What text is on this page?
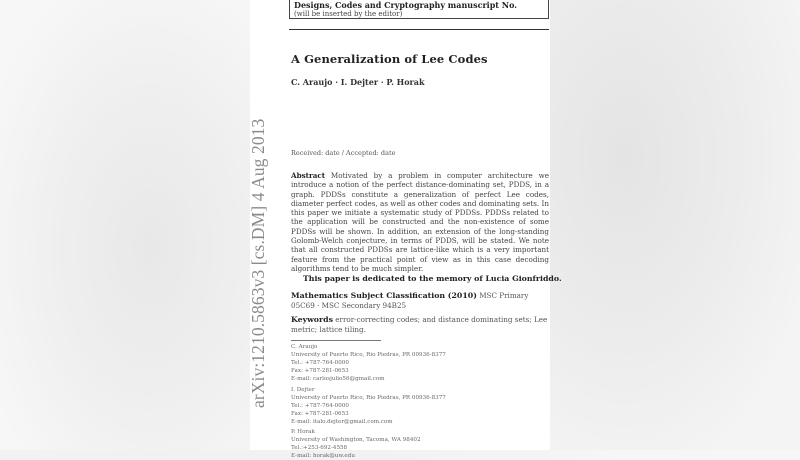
arXiv:1210.5863v3 [cs.DM] 4 Aug 2013
Designs, Codes and Cryptography manuscript No.
(will be inserted by the editor)
A Generalization of Lee Codes
C. Araujo · I. Dejter · P. Horak
Received: date / Accepted: date
Abstract Motivated by a problem in computer architecture we introduce a notion of the perfect distance-dominating set, PDDS, in a graph. PDDSs constitute a generalization of perfect Lee codes, diameter perfect codes, as well as other codes and dominating sets. In this paper we initiate a systematic study of PDDSs. PDDSs related to the application will be constructed and the non-existence of some PDDSs will be shown. In addition, an extension of the long-standing Golomb-Welch conjecture, in terms of PDDS, will be stated. We note that all constructed PDDSs are lattice-like which is a very important feature from the practical point of view as in this case decoding algorithms tend to be much simpler.
This paper is dedicated to the memory of Lucia Gionfriddo.
Mathematics Subject Classification (2010) MSC Primary 05C69 · MSC Secondary 94B25
Keywords error-correcting codes; and distance dominating sets; Lee metric; lattice tiling.
C. Araujo
University of Puerto Rico, Rio Piedras, PR 00936-8377
Tel.: +787-764-0000
Fax: +787-281-0653
E-mail: carlosjulio56@gmail.com
I. Dejter
University of Puerto Rico, Rio Piedras, PR 00936-8377
Tel.: +787-764-0000
Fax: +787-281-0653
E-mail: italo.dejter@gmail.com.com
P. Horak
University of Washington, Tacoma, WA 98402
Tel.:+253-692-4558
E-mail: horak@uw.edu
